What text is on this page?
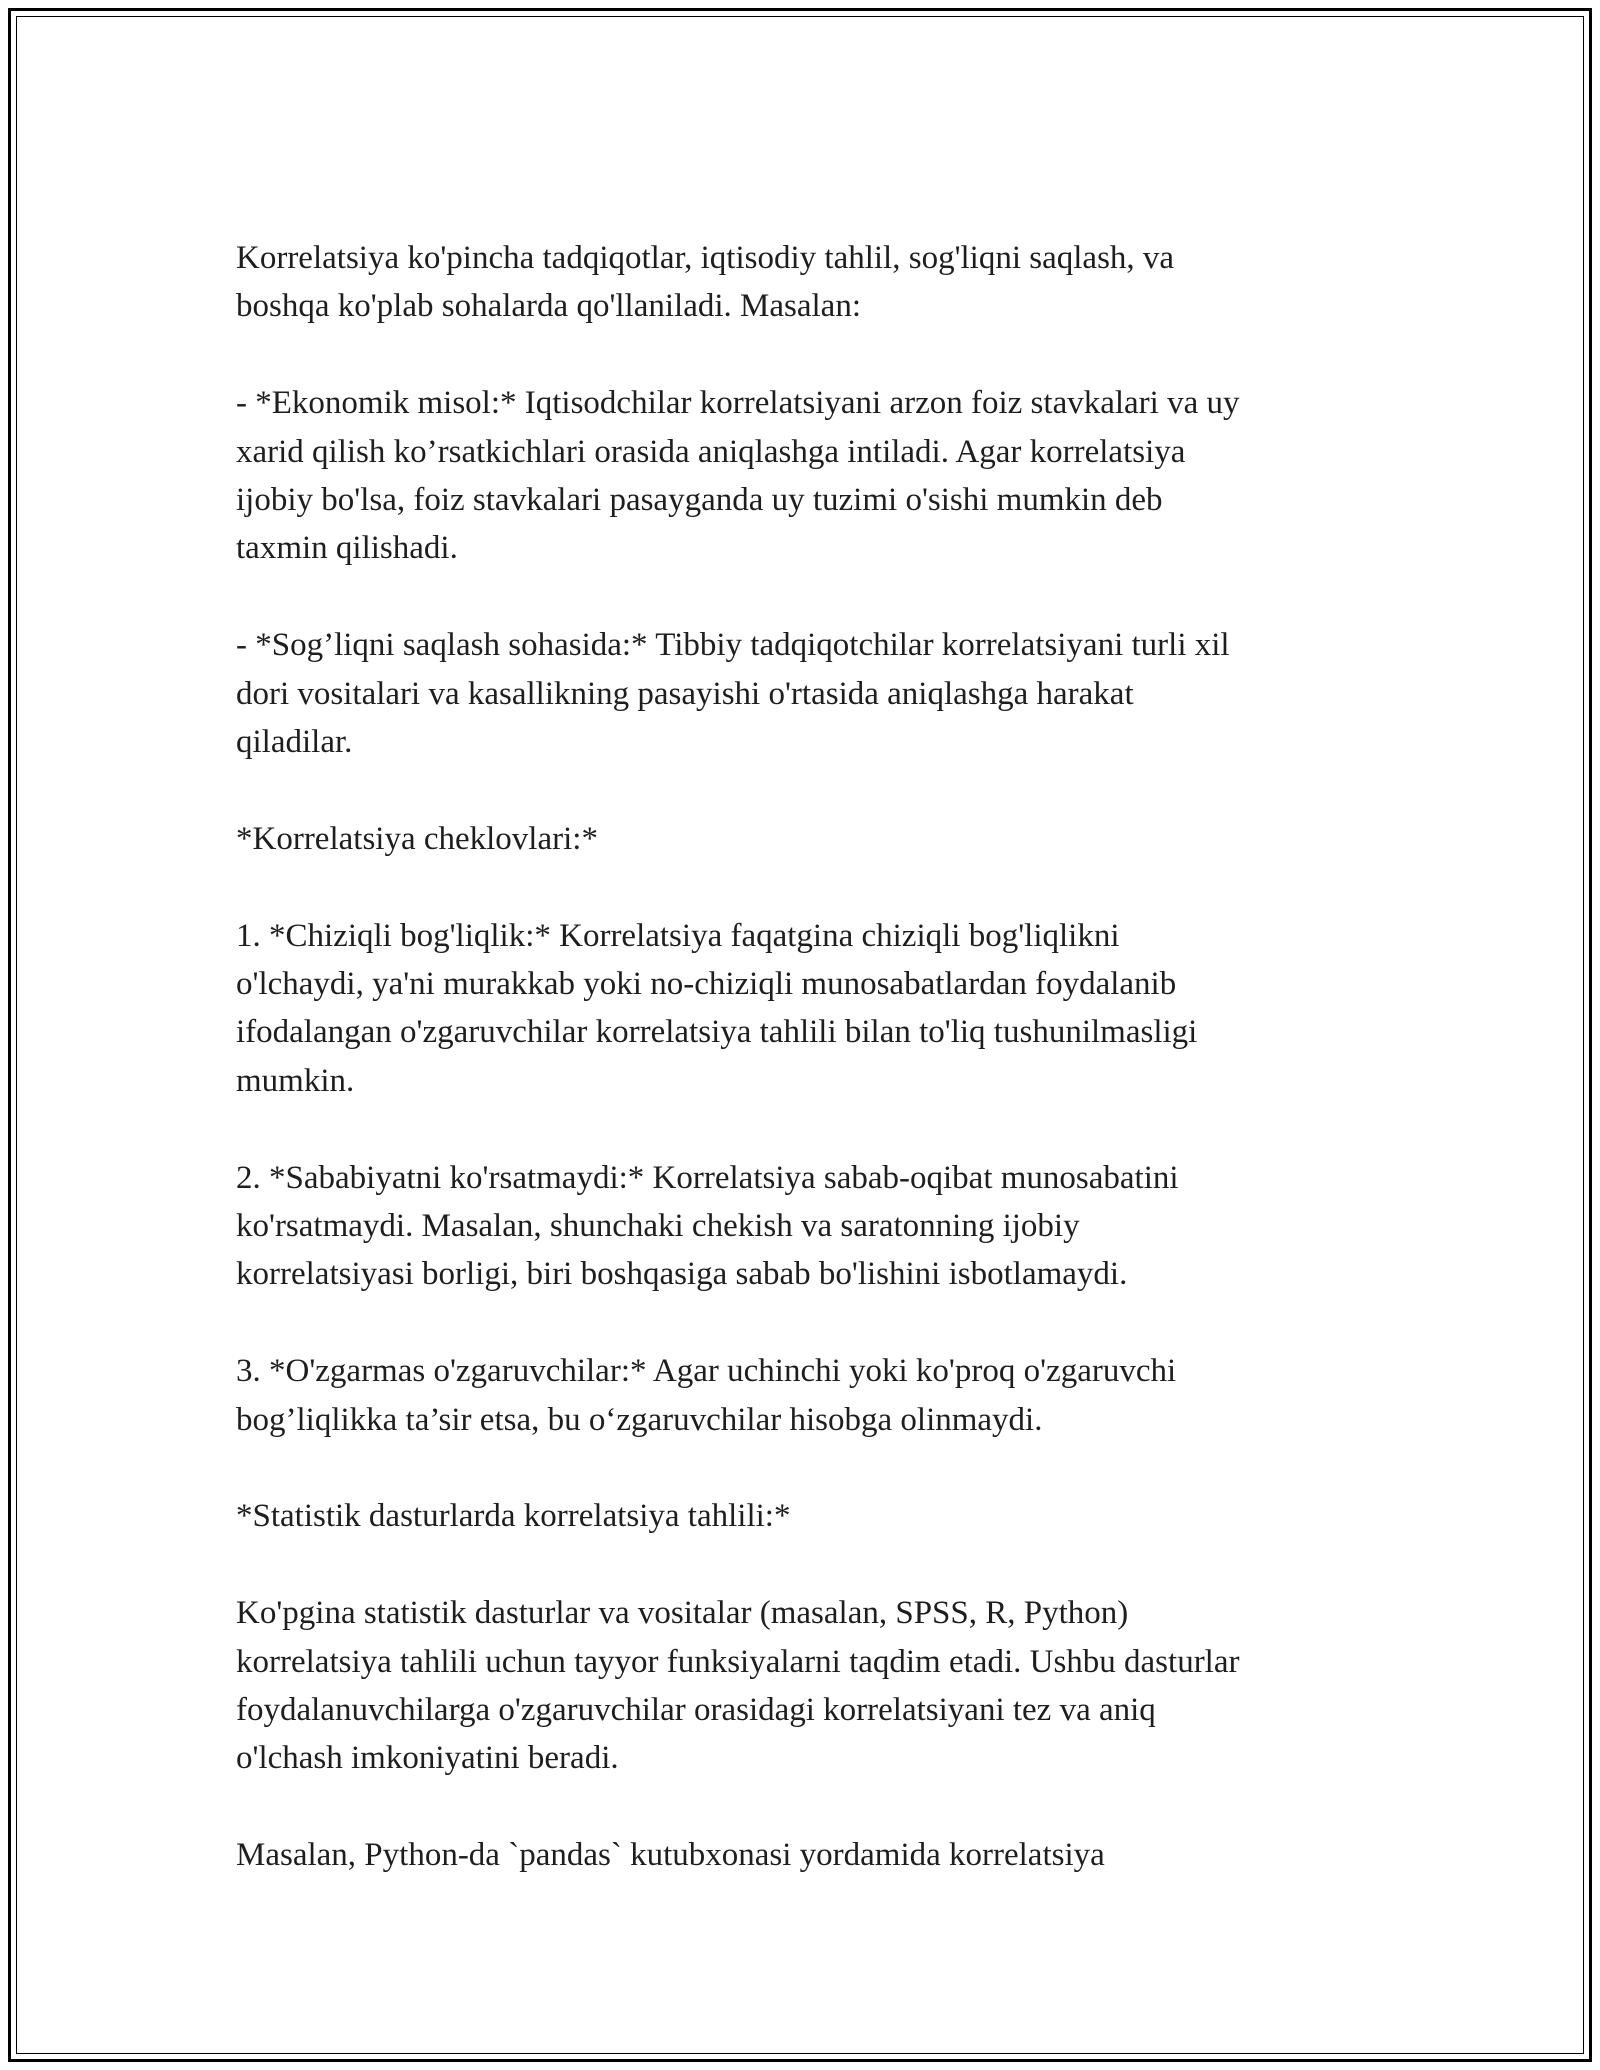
Korrelatsiya ko'pincha tadqiqotlar, iqtisodiy tahlil, sog'liqni saqlash, va
boshqa ko'plab sohalarda qo'llaniladi. Masalan:

- *Ekonomik misol:* Iqtisodchilar korrelatsiyani arzon foiz stavkalari va uy
xarid qilish ko’rsatkichlari orasida aniqlashga intiladi. Agar korrelatsiya
ijobiy bo'lsa, foiz stavkalari pasayganda uy tuzimi o'sishi mumkin deb
taxmin qilishadi.

- *Sog’liqni saqlash sohasida:* Tibbiy tadqiqotchilar korrelatsiyani turli xil
dori vositalari va kasallikning pasayishi o'rtasida aniqlashga harakat
qiladilar.

*Korrelatsiya cheklovlari:*

1. *Chiziqli bog'liqlik:* Korrelatsiya faqatgina chiziqli bog'liqlikni
o'lchaydi, ya'ni murakkab yoki no-chiziqli munosabatlardan foydalanib
ifodalangan o'zgaruvchilar korrelatsiya tahlili bilan to'liq tushunilmasligi
mumkin.

2. *Sababiyatni ko'rsatmaydi:* Korrelatsiya sabab-oqibat munosabatini
ko'rsatmaydi. Masalan, shunchaki chekish va saratonning ijobiy
korrelatsiyasi borligi, biri boshqasiga sabab bo'lishini isbotlamaydi.

3. *O'zgarmas o'zgaruvchilar:* Agar uchinchi yoki ko'proq o'zgaruvchi
bog’liqlikka ta’sir etsa, bu o‘zgaruvchilar hisobga olinmaydi.

*Statistik dasturlarda korrelatsiya tahlili:*

Ko'pgina statistik dasturlar va vositalar (masalan, SPSS, R, Python)
korrelatsiya tahlili uchun tayyor funksiyalarni taqdim etadi. Ushbu dasturlar
foydalanuvchilarga o'zgaruvchilar orasidagi korrelatsiyani tez va aniq
o'lchash imkoniyatini beradi.

Masalan, Python-da `pandas` kutubxonasi yordamida korrelatsiya
